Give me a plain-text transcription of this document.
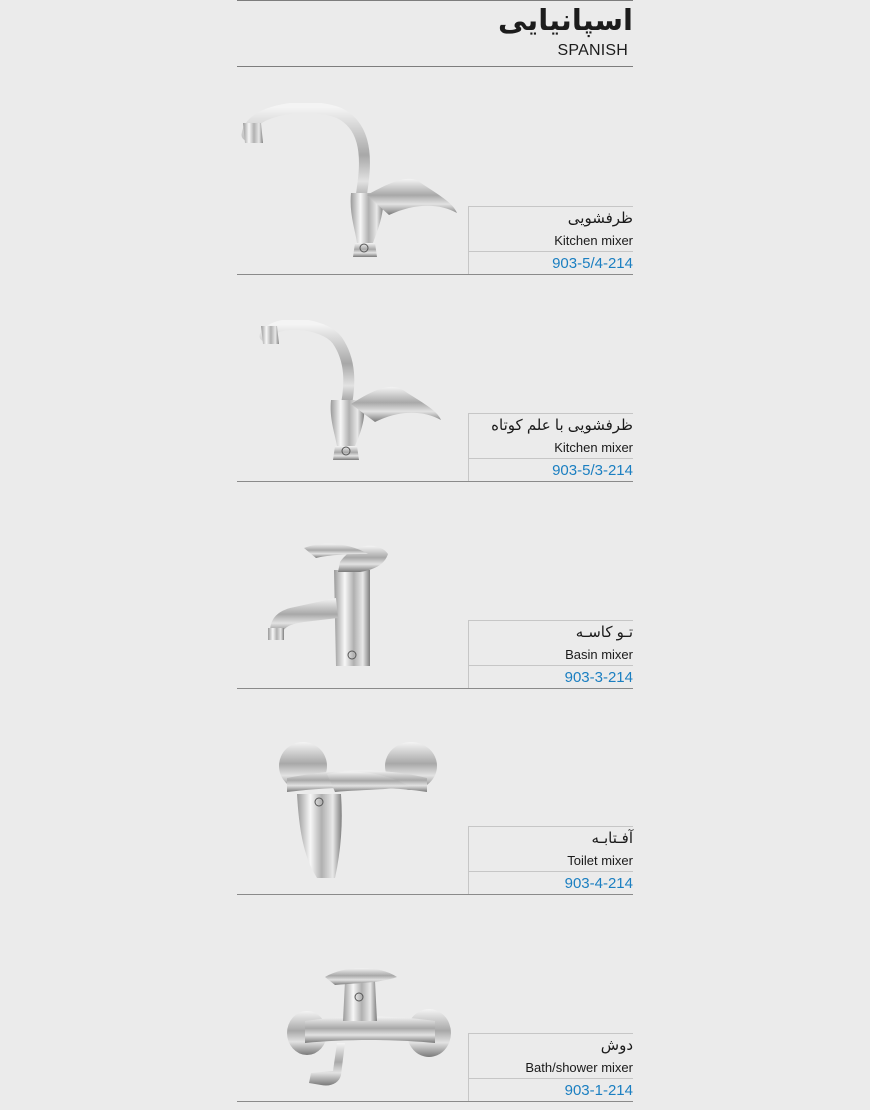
اسپانیایی
SPANISH
ظرفشویی
Kitchen mixer
903-5/4-214
ظرفشویی با علم کوتاه
Kitchen mixer
903-5/3-214
تـو کاسـه
Basin mixer
903-3-214
آفـتابـه
Toilet mixer
903-4-214
دوش
Bath/shower mixer
903-1-214
